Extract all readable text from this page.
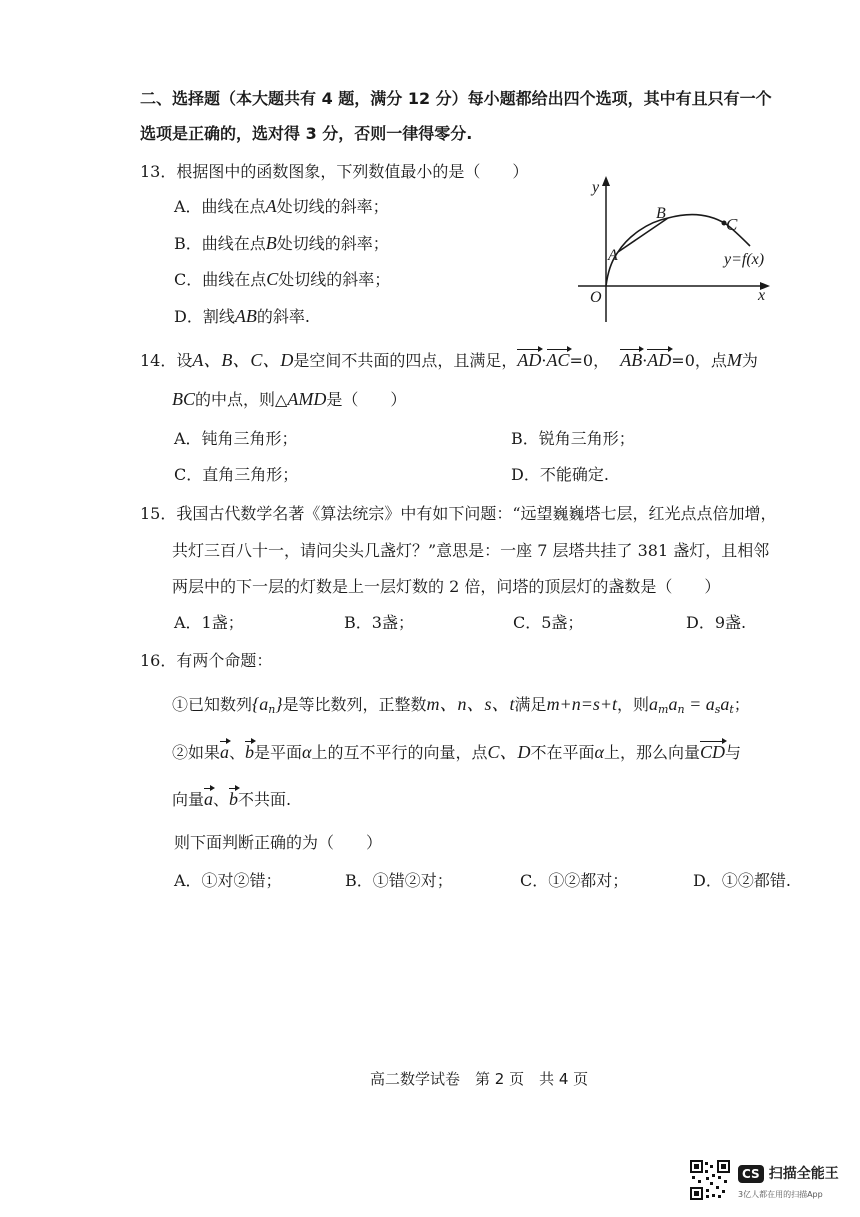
二、选择题（本大题共有 4 题，满分 12 分）每小题都给出四个选项，其中有且只有一个
选项是正确的，选对得 3 分，否则一律得零分.
13．根据图中的函数图象，下列数值最小的是（　　）
A．曲线在点A处切线的斜率；
B．曲线在点B处切线的斜率；
C．曲线在点C处切线的斜率；
D．割线AB的斜率.
y
x
O
A
B
C
y=f(x)
14．设A、B、C、D是空间不共面的四点，且满足，AD·AC=0， AB·AD=0，点M为
BC的中点，则△AMD是（　　）
A．钝角三角形；	B．锐角三角形；
C．直角三角形；	D．不能确定.
15．我国古代数学名著《算法统宗》中有如下问题：“远望巍巍塔七层，红光点点倍加增，
共灯三百八十一，请问尖头几盏灯？”意思是：一座 7 层塔共挂了 381 盏灯，且相邻
两层中的下一层的灯数是上一层灯数的 2 倍，问塔的顶层灯的盏数是（　　）
A．1盏；	B．3盏；	C．5盏；	D．9盏.
16．有两个命题：
①已知数列$\{a_n\}$是等比数列，正整数m、n、s、t满足m+n=s+t，则$a_ma_n = a_sa_t$；
②如果a、b是平面α上的互不平行的向量，点C、D不在平面α上，那么向量CD与
向量a、b不共面.
则下面判断正确的为（　　）
A．①对②错；	B．①错②对；	C．①②都对；	D．①②都错.
高二数学试卷　第 2 页　共 4 页
CS 扫描全能王
3亿人都在用的扫描App
